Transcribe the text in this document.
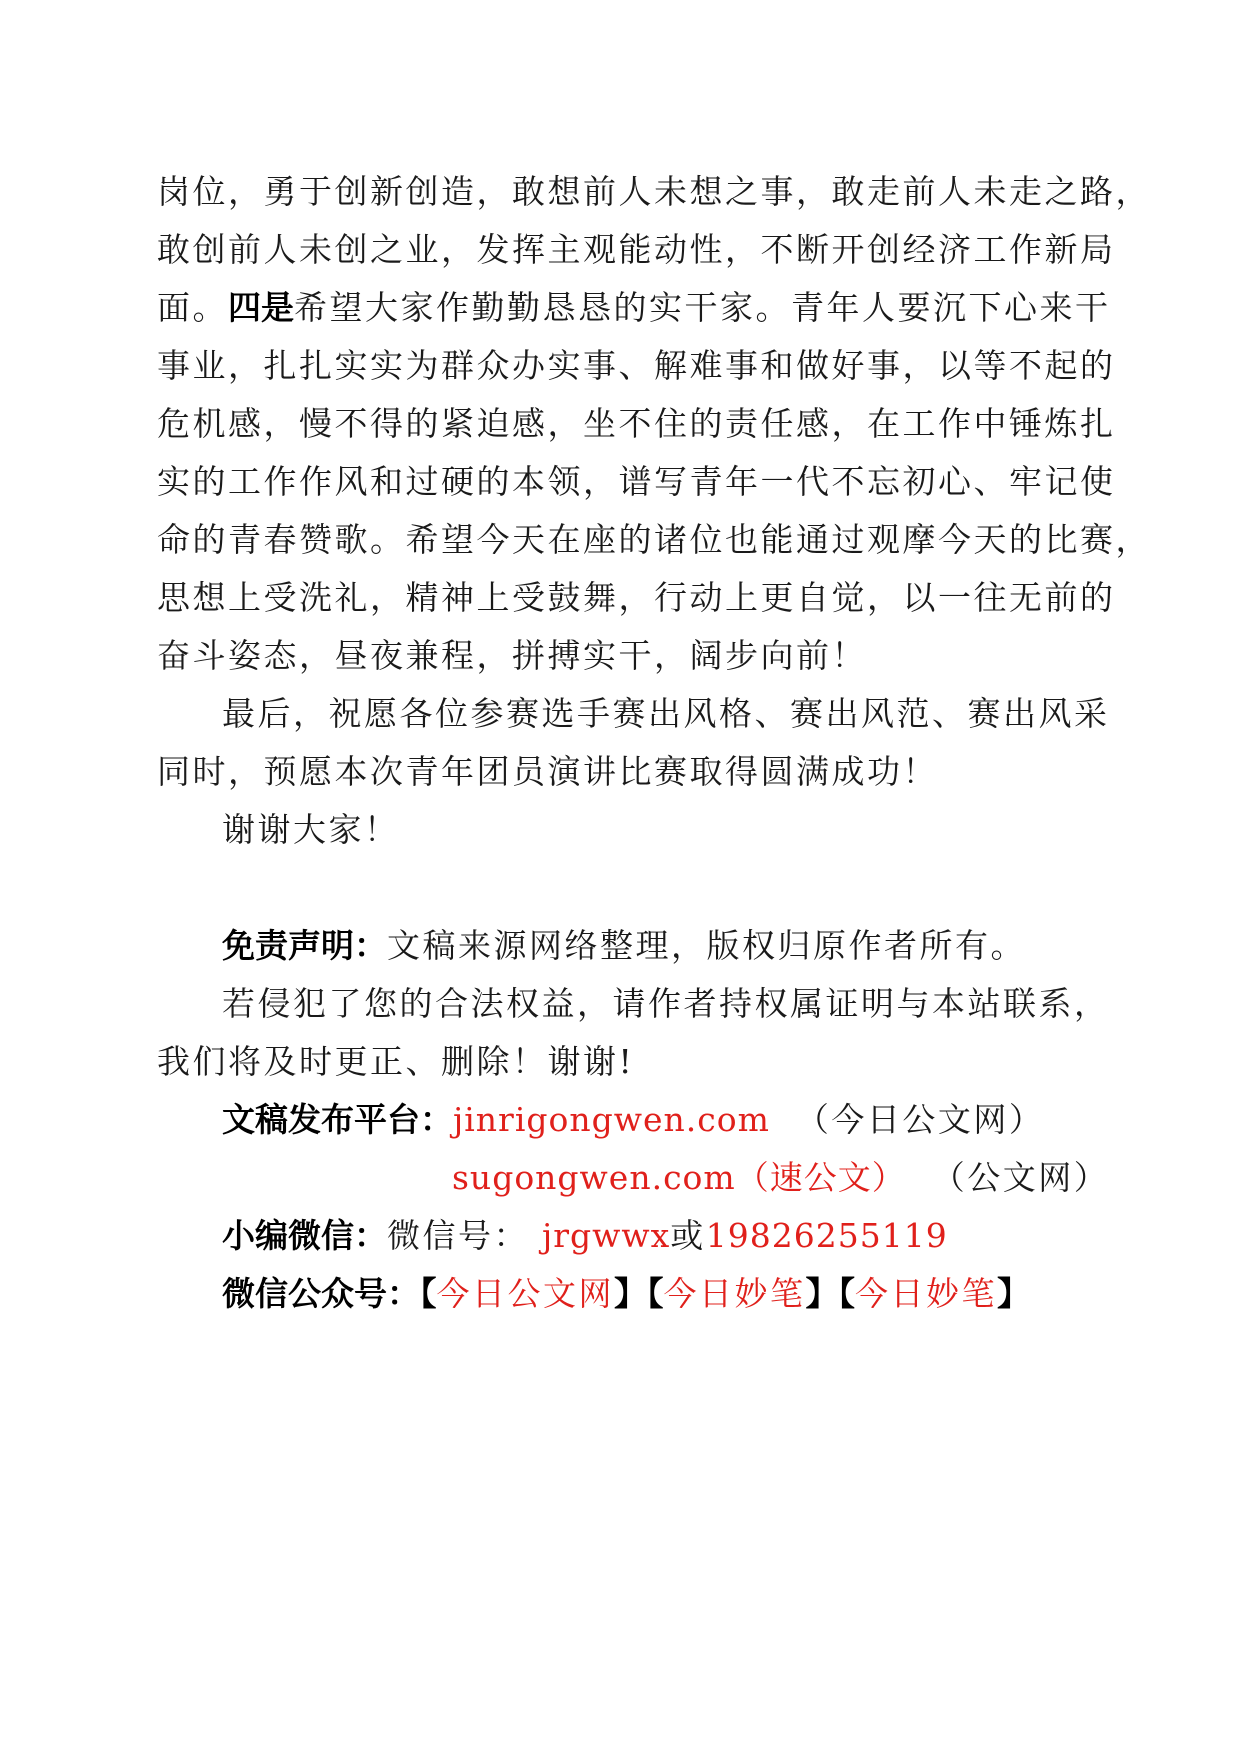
岗位，勇于创新创造，敢想前人未想之事，敢走前人未走之路，
敢创前人未创之业，发挥主观能动性，不断开创经济工作新局
面。四是希望大家作勤勤恳恳的实干家。青年人要沉下心来干
事业，扎扎实实为群众办实事、解难事和做好事，以等不起的
危机感，慢不得的紧迫感，坐不住的责任感，在工作中锤炼扎
实的工作作风和过硬的本领，谱写青年一代不忘初心、牢记使
命的青春赞歌。希望今天在座的诸位也能通过观摩今天的比赛，
思想上受洗礼，精神上受鼓舞，行动上更自觉，以一往无前的
奋斗姿态，昼夜兼程，拼搏实干，阔步向前！
最后，祝愿各位参赛选手赛出风格、赛出风范、赛出风采
同时，预愿本次青年团员演讲比赛取得圆满成功！
谢谢大家！
免责声明：文稿来源网络整理，版权归原作者所有。
若侵犯了您的合法权益，请作者持权属证明与本站联系，
我们将及时更正、删除！谢谢!
文稿发布平台：jinrigongwen.com （今日公文网）
sugongwen.com（速公文） （公文网）
小编微信：微信号： jrgwwx或19826255119
微信公众号：【今日公文网】【今日妙笔】【今日妙笔】
